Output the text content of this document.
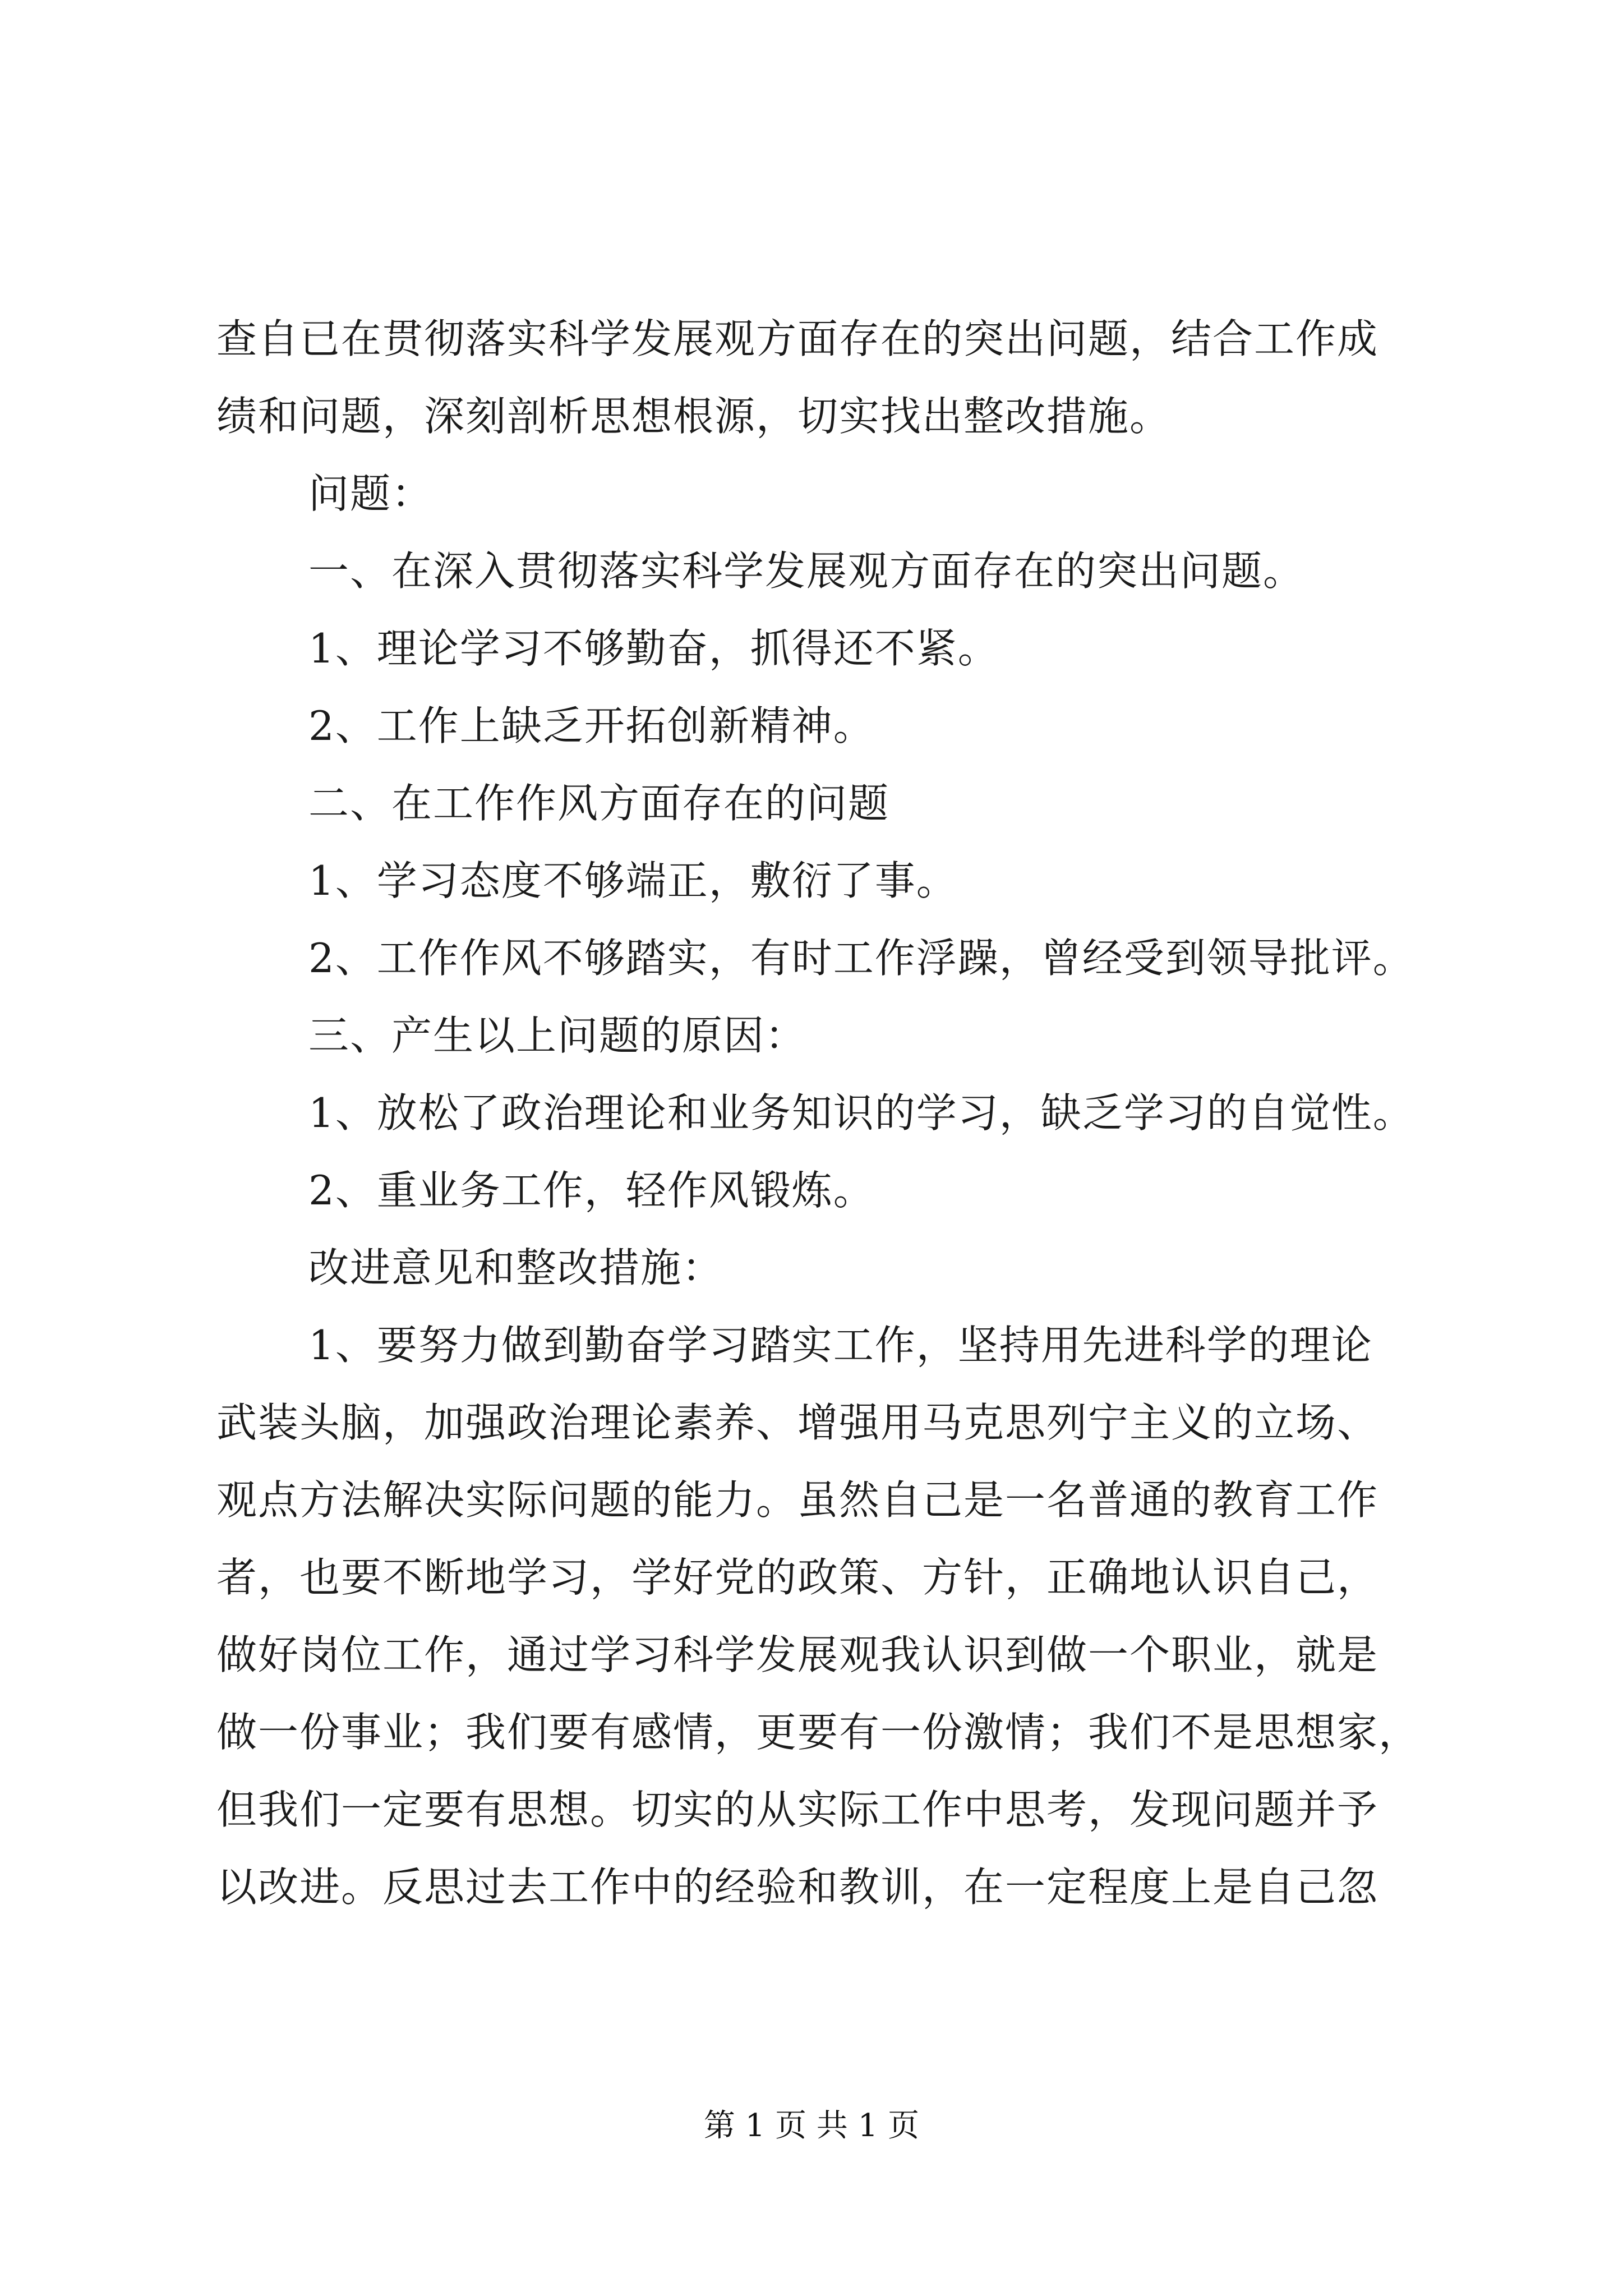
查自已在贯彻落实科学发展观方面存在的突出问题，结合工作成
绩和问题，深刻剖析思想根源，切实找出整改措施。
问题：
一、在深入贯彻落实科学发展观方面存在的突出问题。
1、理论学习不够勤奋，抓得还不紧。
2、工作上缺乏开拓创新精神。
二、在工作作风方面存在的问题
1、学习态度不够端正，敷衍了事。
2、工作作风不够踏实，有时工作浮躁，曾经受到领导批评。
三、产生以上问题的原因：
1、放松了政治理论和业务知识的学习，缺乏学习的自觉性。
2、重业务工作，轻作风锻炼。
改进意见和整改措施：
1、要努力做到勤奋学习踏实工作，坚持用先进科学的理论
武装头脑，加强政治理论素养、增强用马克思列宁主义的立场、
观点方法解决实际问题的能力。虽然自己是一名普通的教育工作
者，也要不断地学习，学好党的政策、方针，正确地认识自己，
做好岗位工作，通过学习科学发展观我认识到做一个职业，就是
做一份事业；我们要有感情，更要有一份激情；我们不是思想家，
但我们一定要有思想。切实的从实际工作中思考，发现问题并予
以改进。反思过去工作中的经验和教训，在一定程度上是自己忽
第 1 页 共 1 页
